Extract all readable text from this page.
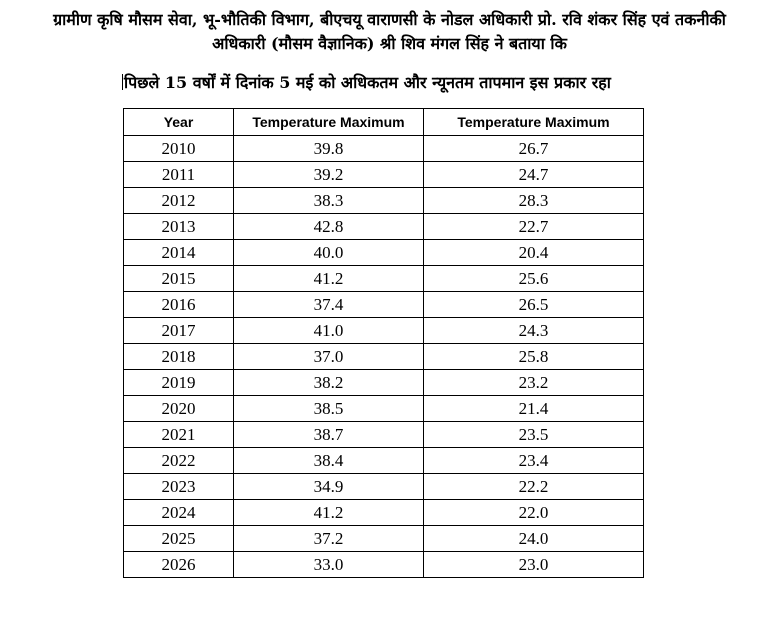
ग्रामीण कृषि मौसम सेवा, भू-भौतिकी विभाग, बीएचयू वाराणसी के नोडल अधिकारी प्रो. रवि शंकर सिंह एवं तकनीकी
अधिकारी (मौसम वैज्ञानिक) श्री शिव मंगल सिंह ने बताया कि
पिछले 15 वर्षों में दिनांक 5 मई को अधिकतम और न्यूनतम तापमान इस प्रकार रहा
Year	Temperature Maximum	Temperature Maximum
2010	39.8	26.7
2011	39.2	24.7
2012	38.3	28.3
2013	42.8	22.7
2014	40.0	20.4
2015	41.2	25.6
2016	37.4	26.5
2017	41.0	24.3
2018	37.0	25.8
2019	38.2	23.2
2020	38.5	21.4
2021	38.7	23.5
2022	38.4	23.4
2023	34.9	22.2
2024	41.2	22.0
2025	37.2	24.0
2026	33.0	23.0
